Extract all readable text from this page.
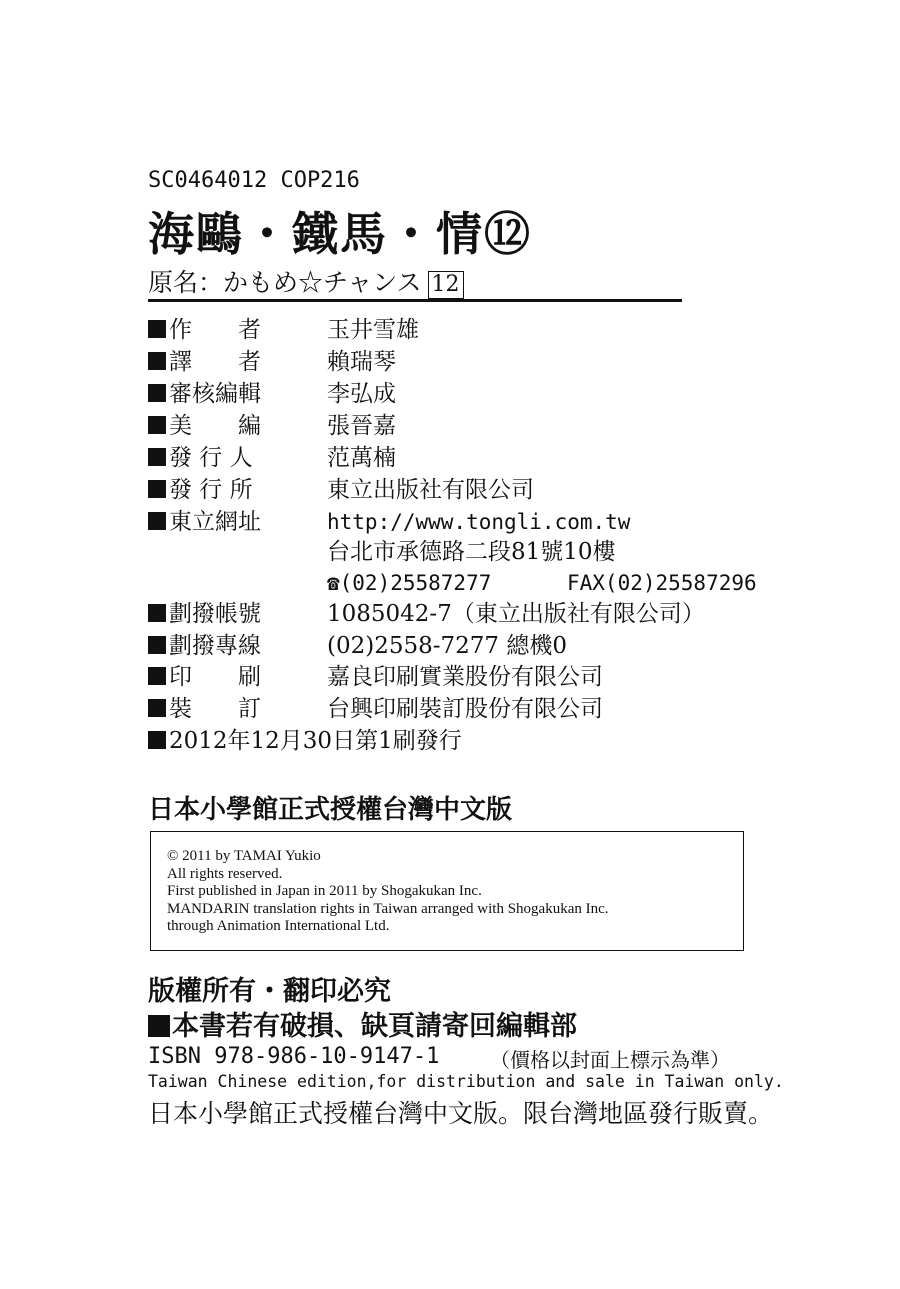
SC0464012 COP216
海鷗・鐵馬・情⑫
原名：かもめ☆チャンス 12
作　　者	玉井雪雄
譯　　者	賴瑞琴
審核編輯	李弘成
美　　編	張晉嘉
發 行 人	范萬楠
發 行 所	東立出版社有限公司
東立網址	http://www.tongli.com.tw
台北市承德路二段81號10樓
☎(02)25587277	FAX(02)25587296
劃撥帳號	1085042-7（東立出版社有限公司）
劃撥專線	(02)2558-7277 總機0
印　　刷	嘉良印刷實業股份有限公司
裝　　訂	台興印刷裝訂股份有限公司
2012年12月30日第1刷發行
日本小學館正式授權台灣中文版
© 2011 by TAMAI Yukio
All rights reserved.
First published in Japan in 2011 by Shogakukan Inc.
MANDARIN translation rights in Taiwan arranged with Shogakukan Inc.
through Animation International Ltd.
版權所有・翻印必究
本書若有破損、缺頁請寄回編輯部
ISBN 978-986-10-9147-1	（價格以封面上標示為準）
Taiwan Chinese edition,for distribution and sale in Taiwan only.
日本小學館正式授權台灣中文版。限台灣地區發行販賣。
